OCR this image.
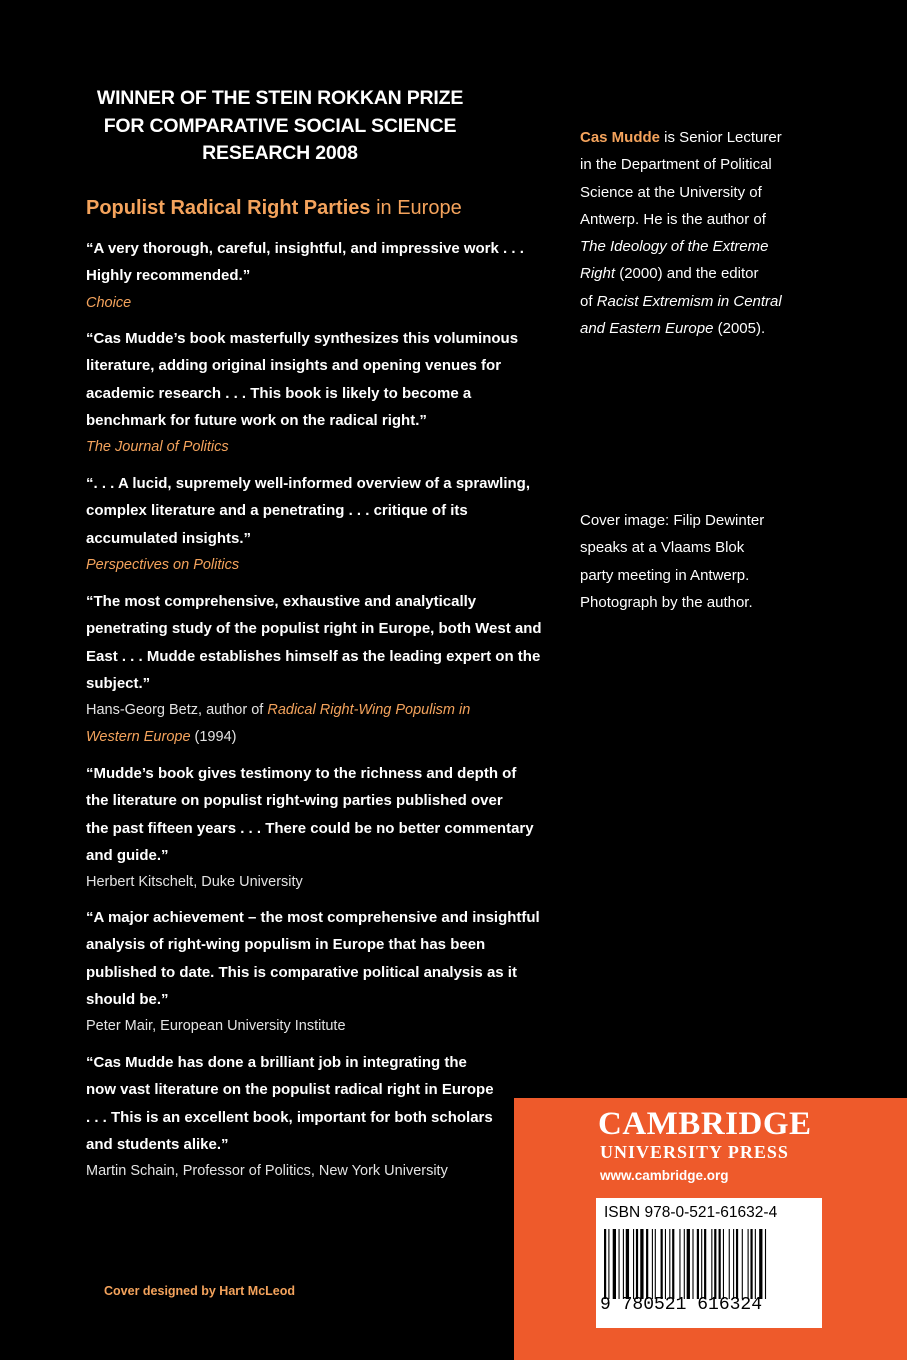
WINNER OF THE STEIN ROKKAN PRIZE
FOR COMPARATIVE SOCIAL SCIENCE
RESEARCH 2008
Populist Radical Right Parties in Europe

“A very thorough, careful, insightful, and impressive work . . .

Highly recommended.”

Choice

“Cas Mudde’s book masterfully synthesizes this voluminous

literature, adding original insights and opening venues for

academic research . . . This book is likely to become a

benchmark for future work on the radical right.”

The Journal of Politics

“. . . A lucid, supremely well-informed overview of a sprawling,

complex literature and a penetrating . . . critique of its

accumulated insights.”

Perspectives on Politics

“The most comprehensive, exhaustive and analytically

penetrating study of the populist right in Europe, both West and

East . . . Mudde establishes himself as the leading expert on the

subject.”

Hans-Georg Betz, author of Radical Right-Wing Populism in

Western Europe (1994)

“Mudde’s book gives testimony to the richness and depth of

the literature on populist right-wing parties published over

the past fifteen years . . . There could be no better commentary

and guide.”

Herbert Kitschelt, Duke University

“A major achievement – the most comprehensive and insightful

analysis of right-wing populism in Europe that has been

published to date. This is comparative political analysis as it

should be.”

Peter Mair, European University Institute

“Cas Mudde has done a brilliant job in integrating the

now vast literature on the populist radical right in Europe

. . . This is an excellent book, important for both scholars

and students alike.”

Martin Schain, Professor of Politics, New York University

Cas Mudde is Senior Lecturer
in the Department of Political
Science at the University of
Antwerp. He is the author of
The Ideology of the Extreme
Right (2000) and the editor
of Racist Extremism in Central
and Eastern Europe (2005).
Cover image: Filip Dewinter
speaks at a Vlaams Blok
party meeting in Antwerp.
Photograph by the author.
Cover designed by Hart McLeod
CAMBRIDGE
UNIVERSITY PRESS
www.cambridge.org
ISBN 978-0-521-61632-4
9 780521 616324
